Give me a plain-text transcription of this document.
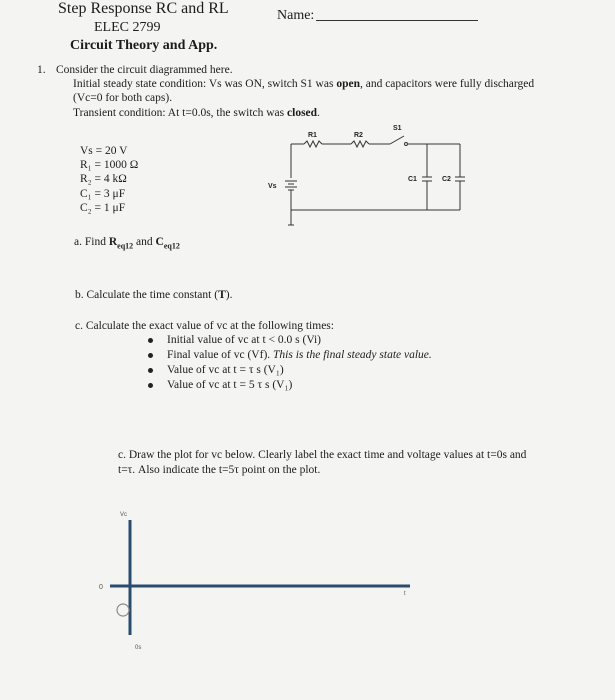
Step Response RC and RL
ELEC 2799
Circuit Theory and App.
Name:
1. Consider the circuit diagrammed here.
Initial steady state condition: Vs was ON, switch S1 was open, and capacitors were fully discharged
(Vc=0 for both caps).
Transient condition: At t=0.0s, the switch was closed.
Vs = 20 V
R₁ = 1000 Ω
R₂ = 4 kΩ
C₁ = 3 μF
C₂ = 1 μF
R1	R2
S1
Vs
C1	C2
a. Find $R_{eq12}$ and $C_{eq12}$
b. Calculate the time constant (T).
c. Calculate the exact value of vc at the following times:
Initial value of vc at t < 0.0 s (Vi)
Final value of vc (Vf). This is the final steady state value.
Value of vc at t = τ s (V₁)
Value of vc at t = 5 τ s (V₁)
c. Draw the plot for vc below. Clearly label the exact time and voltage values at t=0s and
t=τ. Also indicate the t=5τ point on the plot.
Vc
t
0
0s
